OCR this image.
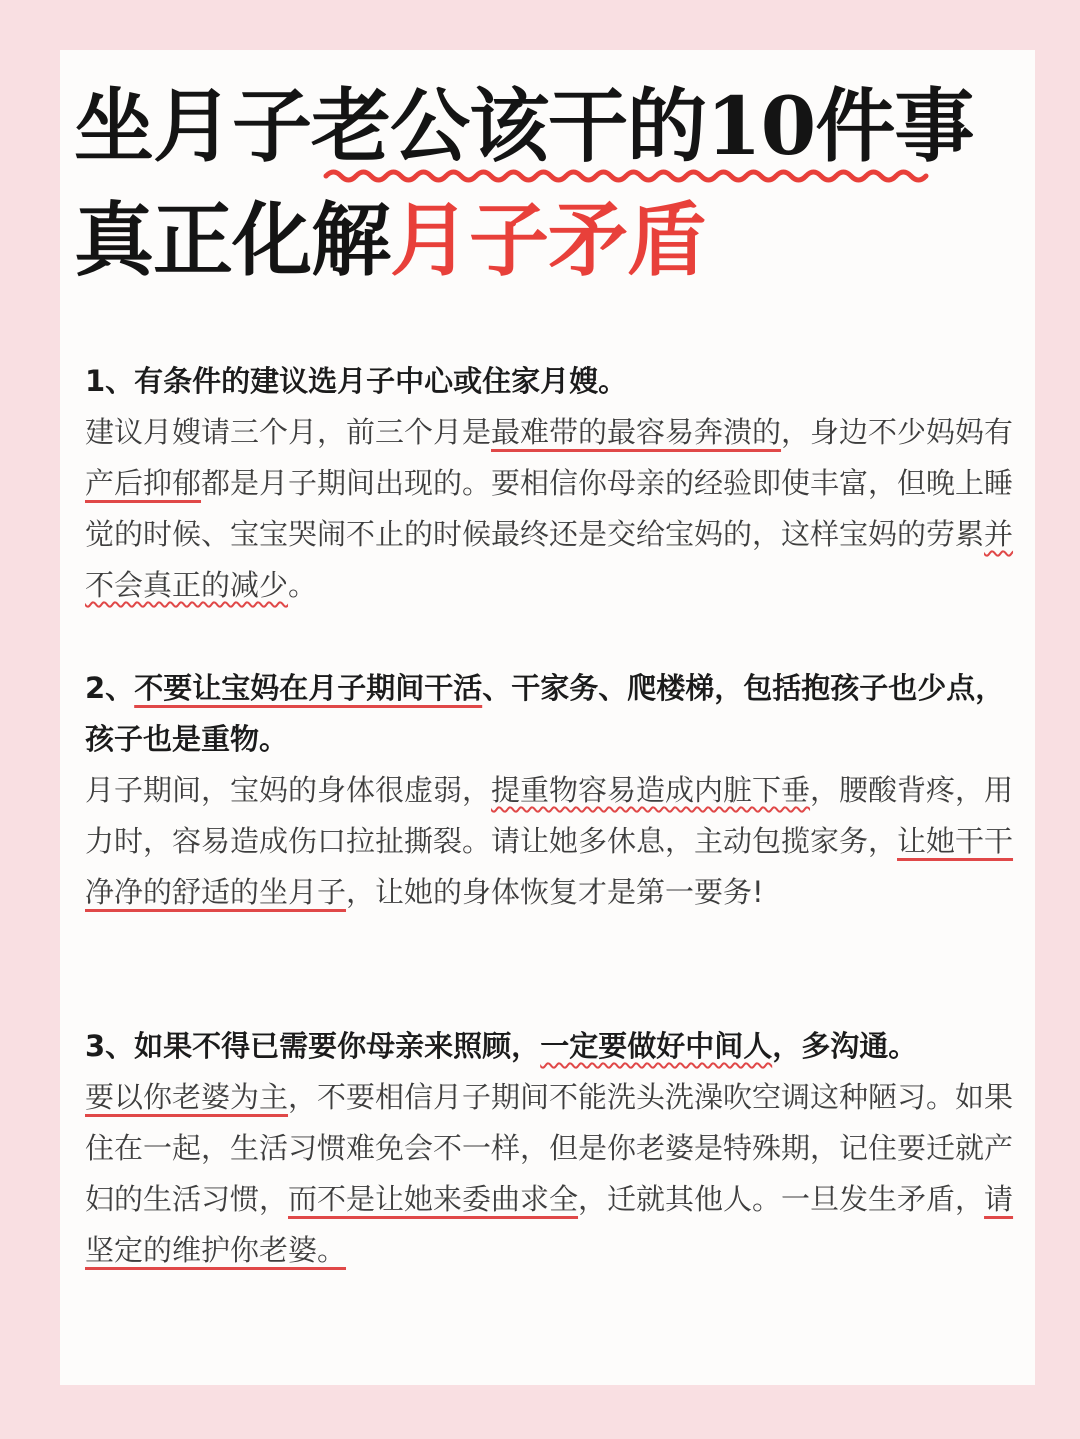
坐月子老公该干的10件事
真正化解月子矛盾
1、有条件的建议选月子中心或住家月嫂。
建议月嫂请三个月，前三个月是最难带的最容易奔溃的，身边不少妈妈有产后抑郁都是月子期间出现的。要相信你母亲的经验即使丰富，但晚上睡觉的时候、宝宝哭闹不止的时候最终还是交给宝妈的，这样宝妈的劳累并不会真正的减少。
2、不要让宝妈在月子期间干活、干家务、爬楼梯，包括抱孩子也少点，孩子也是重物。
月子期间，宝妈的身体很虚弱，提重物容易造成内脏下垂，腰酸背疼，用力时，容易造成伤口拉扯撕裂。请让她多休息，主动包揽家务，让她干干净净的舒适的坐月子，让她的身体恢复才是第一要务!
3、如果不得已需要你母亲来照顾，一定要做好中间人，多沟通。
要以你老婆为主，不要相信月子期间不能洗头洗澡吹空调这种陋习。如果住在一起，生活习惯难免会不一样，但是你老婆是特殊期，记住要迁就产妇的生活习惯，而不是让她来委曲求全，迁就其他人。一旦发生矛盾，请坚定的维护你老婆。
